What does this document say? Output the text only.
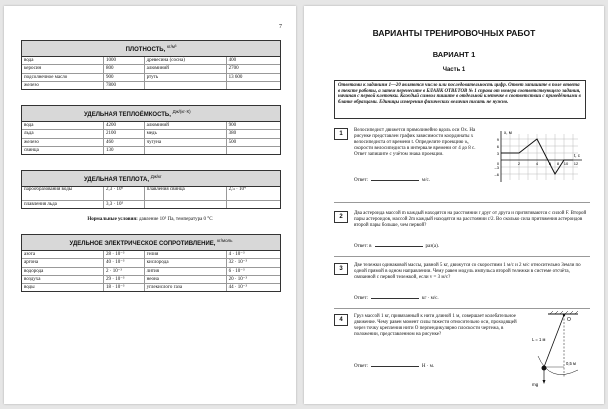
7
ПЛОТНОСТЬ, $^{кг/м^3}$
вода	1000	древесина (сосна)	400
керосин	800	алюминий	2700
подсолнечное масло	900	ртуть	13 600
железо	7800
УДЕЛЬНАЯ ТЕПЛОЁМКОСТЬ, $^{Дж/(кг\cdot К)}$
вода	4200	алюминий	900
льда	2100	медь	380
железо	460	чугуна	500
свинца	130
УДЕЛЬНАЯ ТЕПЛОТА, $^{Дж/кг}$
парообразования воды	2,3 · 10⁶	плавления свинца	2,5 · 10⁴
плавления льда	3,3 · 10⁵
Нормальные условия: давление 10⁵ Па, температура 0 °С
УДЕЛЬНОЕ ЭЛЕКТРИЧЕСКОЕ СОПРОТИВЛЕНИЕ, $^{кг/моль}$
азота	28 · 10⁻³	гелия	4 · 10⁻³
аргона	40 · 10⁻³	кислорода	32 · 10⁻³
водорода	2 · 10⁻³	лития	6 · 10⁻³
воздуха	29 · 10⁻³	неона	20 · 10⁻³
воды	18 · 10⁻³	углекислого газа	44 · 10⁻³
ВАРИАНТЫ ТРЕНИРОВОЧНЫХ РАБОТ
ВАРИАНТ 1
Часть 1
Ответами к заданиям 1—20 являются число или последовательность цифр. Ответ запишите в поле ответа в тексте работы, а затем перенесите в БЛАНК ОТВЕТОВ № 1 справа от номера соответствующего задания, начиная с первой клеточки. Каждый символ пишите в отдельной клеточке в соответствии с приведёнными в бланке образцами. Единицы измерения физических величин писать не нужно.
1
Велосипедист движется прямолинейно вдоль оси Ох. На рисунке представлен график зависимости координаты x велосипедиста от времени t. Определите проекцию υₓ скорости велосипедиста в интервале времени от 4 до 8 с. Ответ запишите с учётом знака проекции.
Ответ:	м/с.
x, м
t, с
9
6
3
–3
–6
0	2	4	6 8 10 12
2
Два астероида массой m каждый находятся на расстоянии r друг от друга и притягиваются с силой F. Второй пары астероидов, массой 2m каждый находятся на расстоянии r/2. Во сколько сила притяжения астероидов второй пары больше, чем первой?
Ответ: в	раз(а).
3
Две тележки одинаковой массы, равной 5 кг, движутся со скоростями 1 м/с и 2 м/с относительно Земли по одной прямой в одном направлении. Чему равен модуль импульса второй тележки в системе отсчёта, связанной с первой тележкой, если v = 3 м/с?
Ответ:	кг · м/с.
4
Груз массой 1 кг, привязанный к нити длиной 1 м, совершает колебательное движение. Чему равен момент силы тяжести относительно оси, проходящей через точку крепления нити О перпендикулярно плоскости чертежа, в положении, представленном на рисунке?
Ответ:	Н · м.
O
L = 1 м
0,5 м
mg
